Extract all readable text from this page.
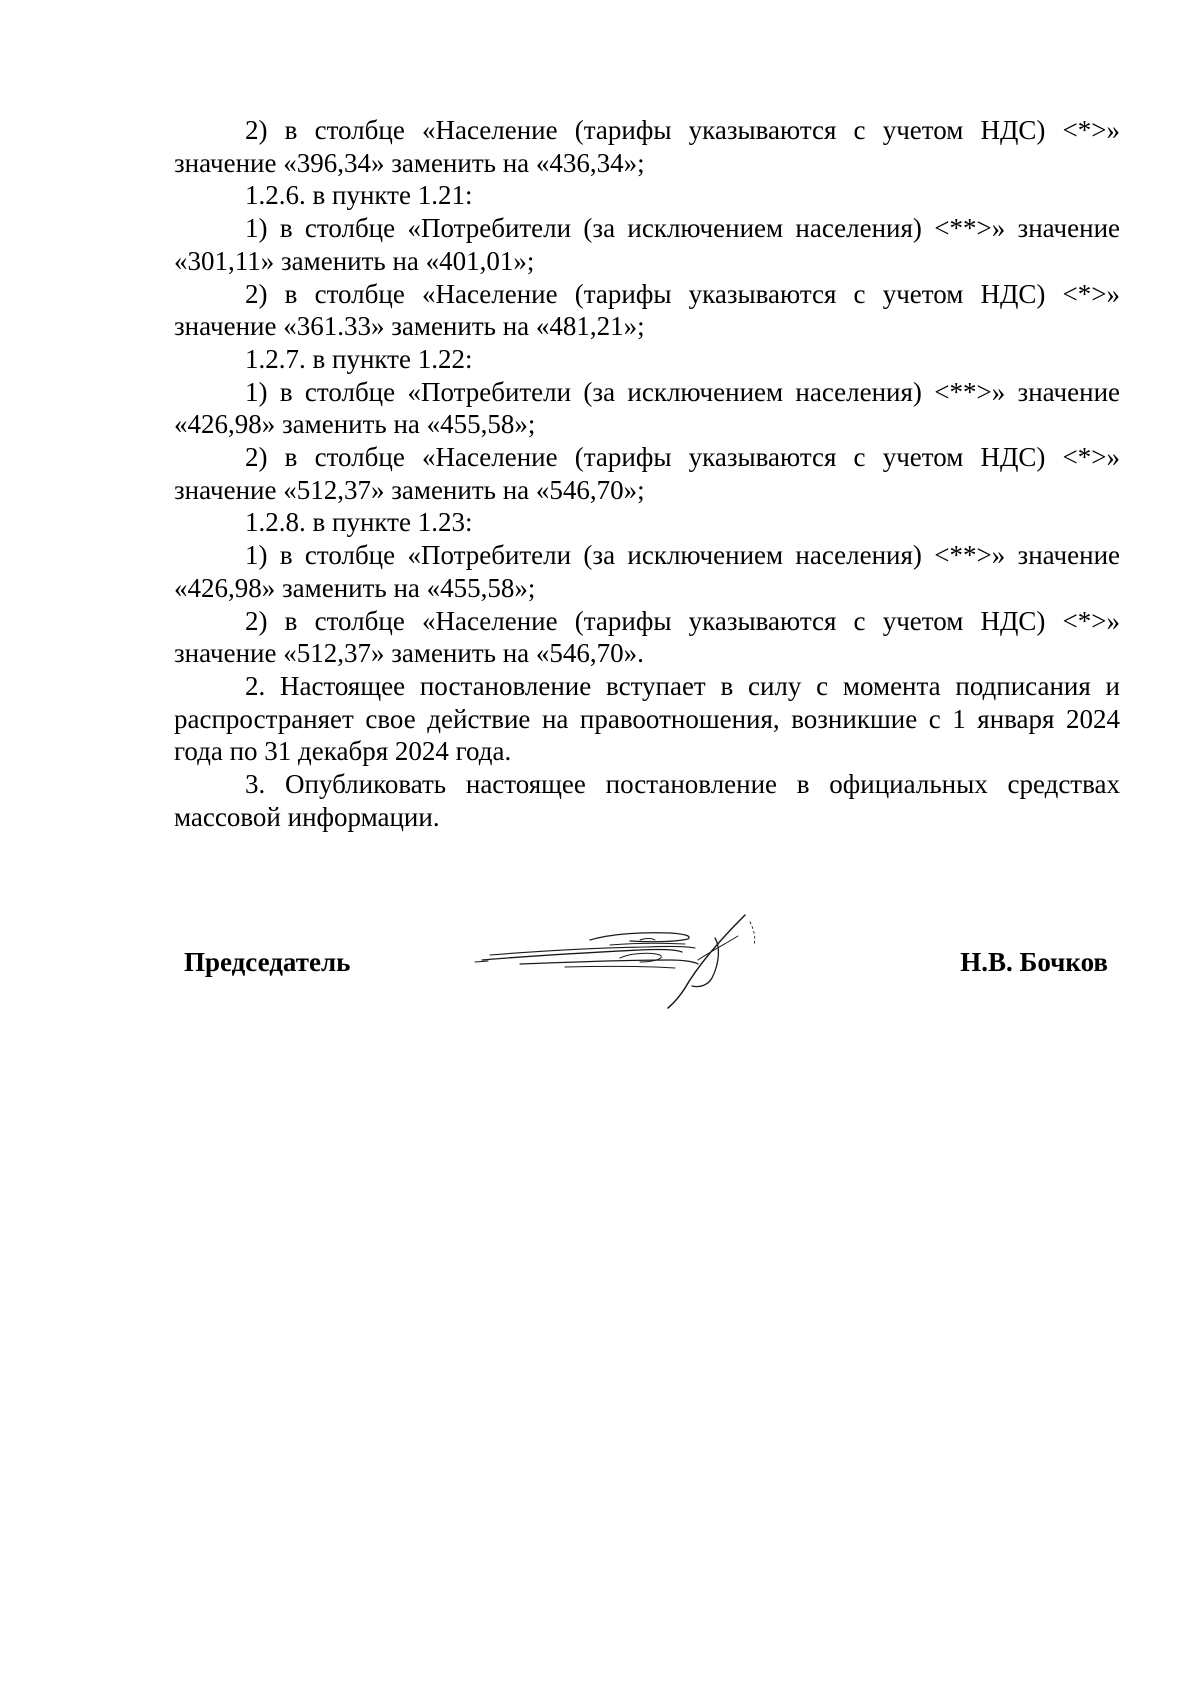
2) в столбце «Население (тарифы указываются с учетом НДС) <*>» значение «396,34» заменить на «436,34»;

1.2.6. в пункте 1.21:

1) в столбце «Потребители (за исключением населения) <**>» значение «301,11» заменить на «401,01»;

2) в столбце «Население (тарифы указываются с учетом НДС) <*>» значение «361.33» заменить на «481,21»;

1.2.7. в пункте 1.22:

1) в столбце «Потребители (за исключением населения) <**>» значение «426,98» заменить на «455,58»;

2) в столбце «Население (тарифы указываются с учетом НДС) <*>» значение «512,37» заменить на «546,70»;

1.2.8. в пункте 1.23:

1) в столбце «Потребители (за исключением населения) <**>» значение «426,98» заменить на «455,58»;

2) в столбце «Население (тарифы указываются с учетом НДС) <*>» значение «512,37» заменить на «546,70».

2. Настоящее постановление вступает в силу с момента подписания и распространяет свое действие на правоотношения, возникшие с 1 января 2024 года по 31 декабря 2024 года.

3. Опубликовать настоящее постановление в официальных средствах массовой информации.

Председатель	Н.В. Бочков
